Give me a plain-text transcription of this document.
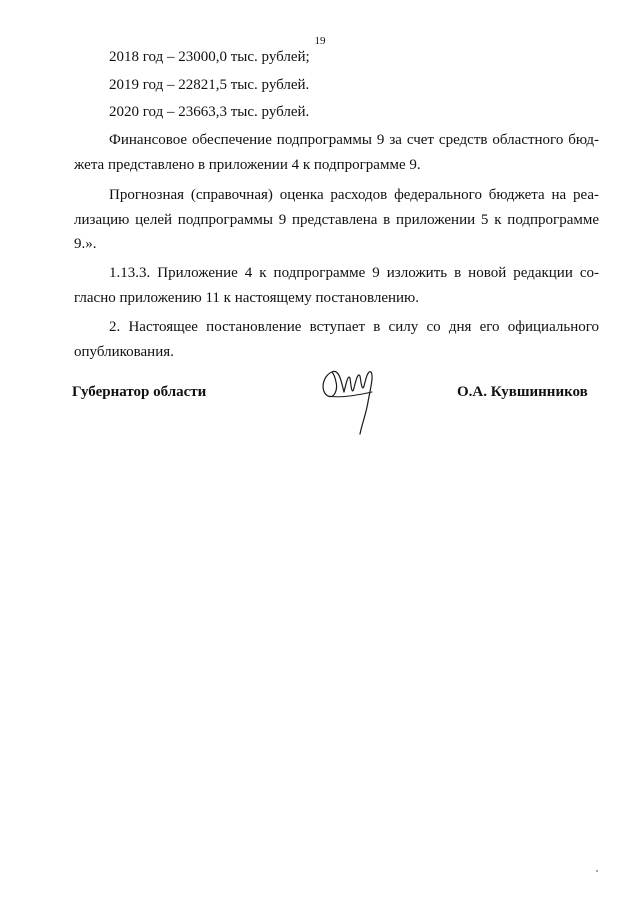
19
2018 год – 23000,0 тыс. рублей;
2019 год – 22821,5 тыс. рублей.
2020 год – 23663,3 тыс. рублей.
Финансовое обеспечение подпрограммы 9 за счет средств областного бюд-
жета представлено в приложении 4 к подпрограмме 9.
Прогнозная (справочная) оценка расходов федерального бюджета на реа-
лизацию целей подпрограммы 9 представлена в приложении 5 к подпрограмме
9.».
1.13.3. Приложение 4 к подпрограмме 9 изложить в новой редакции со-
гласно приложению 11 к настоящему постановлению.
2. Настоящее постановление вступает в силу со дня его официального
опубликования.
Губернатор области	О.А. Кувшинников
